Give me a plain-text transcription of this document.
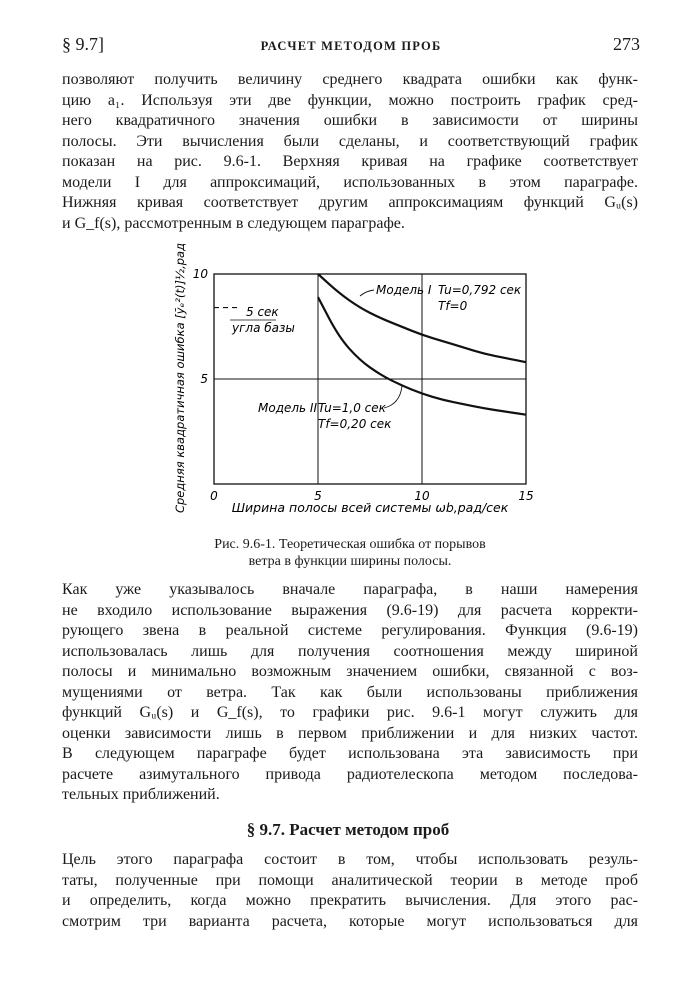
§ 9.7]	РАСЧЕТ МЕТОДОМ ПРОБ	273

позволяют получить величину среднего квадрата ошибки как функ-
цию a₁. Используя эти две функции, можно построить график сред-
него квадратичного значения ошибки в зависимости от ширины
полосы. Эти вычисления были сделаны, и соответствующий график
показан на рис. 9.6-1. Верхняя кривая на графике соответствует
модели I для аппроксимаций, использованных в этом параграфе.
Нижняя кривая соответствует другим аппроксимациям функций Gᵤ(s)
и G_f(s), рассмотренным в следующем параграфе.

0	5	10	15
5
10
5 сек
угла базы
Модель I Tu=0,792 сек
Tf=0
Модель II Tu=1,0 сек
Tf=0,20 сек
Ширина полосы всей системы ωb,рад/сек
Средняя квадратичная ошибка [ȳₑ²(t)]½,рад
Рис. 9.6-1. Теоретическая ошибка от порывов
ветра в функции ширины полосы.

Как уже указывалось вначале параграфа, в наши намерения
не входило использование выражения (9.6-19) для расчета корректи-
рующего звена в реальной системе регулирования. Функция (9.6-19)
использовалась лишь для получения соотношения между шириной
полосы и минимально возможным значением ошибки, связанной с воз-
мущениями от ветра. Так как были использованы приближения
функций Gᵤ(s) и G_f(s), то графики рис. 9.6-1 могут служить для
оценки зависимости лишь в первом приближении и для низких частот.
В следующем параграфе будет использована эта зависимость при
расчете азимутального привода радиотелескопа методом последова-
тельных приближений.

§ 9.7. Расчет методом проб

Цель этого параграфа состоит в том, чтобы использовать резуль-
таты, полученные при помощи аналитической теории в методе проб
и определить, когда можно прекратить вычисления. Для этого рас-
смотрим три варианта расчета, которые могут использоваться для
